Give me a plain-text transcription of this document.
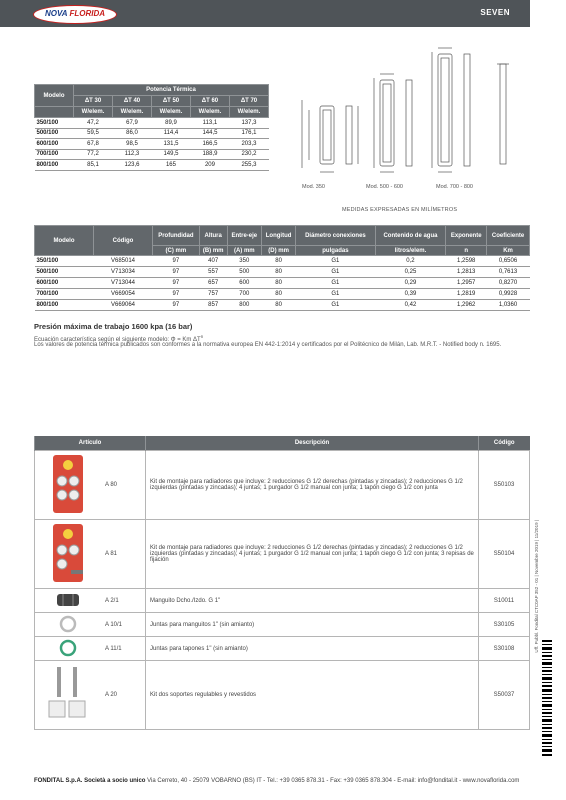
SEVEN
NOVA FLORIDA
Modelo	Potencia Térmica				
	ΔT 30	ΔT 40	ΔT 50	ΔT 60	ΔT 70
	W/elem.	W/elem.	W/elem.	W/elem.	W/elem.
350/100	47,2	67,9	89,9	113,1	137,3
500/100	59,5	86,0	114,4	144,5	176,1
600/100	67,8	98,5	131,5	166,5	203,3
700/100	77,2	112,3	149,5	188,9	230,2
800/100	85,1	123,6	165	209	255,3
Mod. 350	Mod. 500 - 600	Mod. 700 - 800
MEDIDAS EXPRESADAS EN MILÍMETROS
Modelo	Código	Profundidad	Altura	Entre-eje	Longitud	Diámetro conexiones	Contenido de agua	Exponente	Coeficiente
		(C) mm	(B) mm	(A) mm	(D) mm	pulgadas	litros/elem.	n	Km
350/100	V685014	97	407	350	80	G1	0,2	1,2598	0,6506
500/100	V713034	97	557	500	80	G1	0,25	1,2813	0,7613
600/100	V713044	97	657	600	80	G1	0,29	1,2957	0,8270
700/100	V669054	97	757	700	80	G1	0,39	1,2819	0,9928
800/100	V669064	97	857	800	80	G1	0,42	1,2962	1,0360
Presión máxima de trabajo 1600 kpa (16 bar)
Ecuación característica según el siguiente modelo: Φ = Km $\Delta T^n$
Los valores de potencia térmica publicados son conformes a la normativa europea EN 442-1:2014 y certificados por el Politécnico de Milán, Lab. M.R.T. - Notified body n. 1695.
Artículo		Descripción	Código
	A 80	Kit de montaje para radiadores que incluye: 2 reducciones G 1/2 derechas (pintadas y zincadas); 2 reducciones G 1/2 izquierdas (pintadas y zincadas); 4 juntas; 1 purgador G 1/2 manual con junta; 1 tapón ciego G 1/2 con junta	S50103
	A 81	Kit de montaje para radiadores que incluye: 2 reducciones G 1/2 derechas (pintadas y zincadas); 2 reducciones G 1/2 izquierdas (pintadas y zincadas); 4 juntas; 1 purgador G 1/2 manual con junta; 1 tapón ciego G 1/2 con junta; 3 repisas de fijación	S50104
	A 2/1	Manguito Dcho./Izdo. G 1"	S10011
	A 10/1	Juntas para manguitos 1" (sin amianto)	S30105
	A 11/1	Juntas para tapones 1" (sin amianto)	S30108
	A 20	Kit dos soportes regulables y revestidos	S50037
Uff. Pubbl. Fondital CTC0AP 352 - 01 | Novembre 2019 | 11/2019 |
FONDITAL S.p.A. Società a socio unico Via Cerreto, 40 - 25079 VOBARNO (BS) IT - Tel.: +39 0365 878.31 - Fax: +39 0365 878.304 - E-mail: info@fondital.it - www.novaflorida.com
